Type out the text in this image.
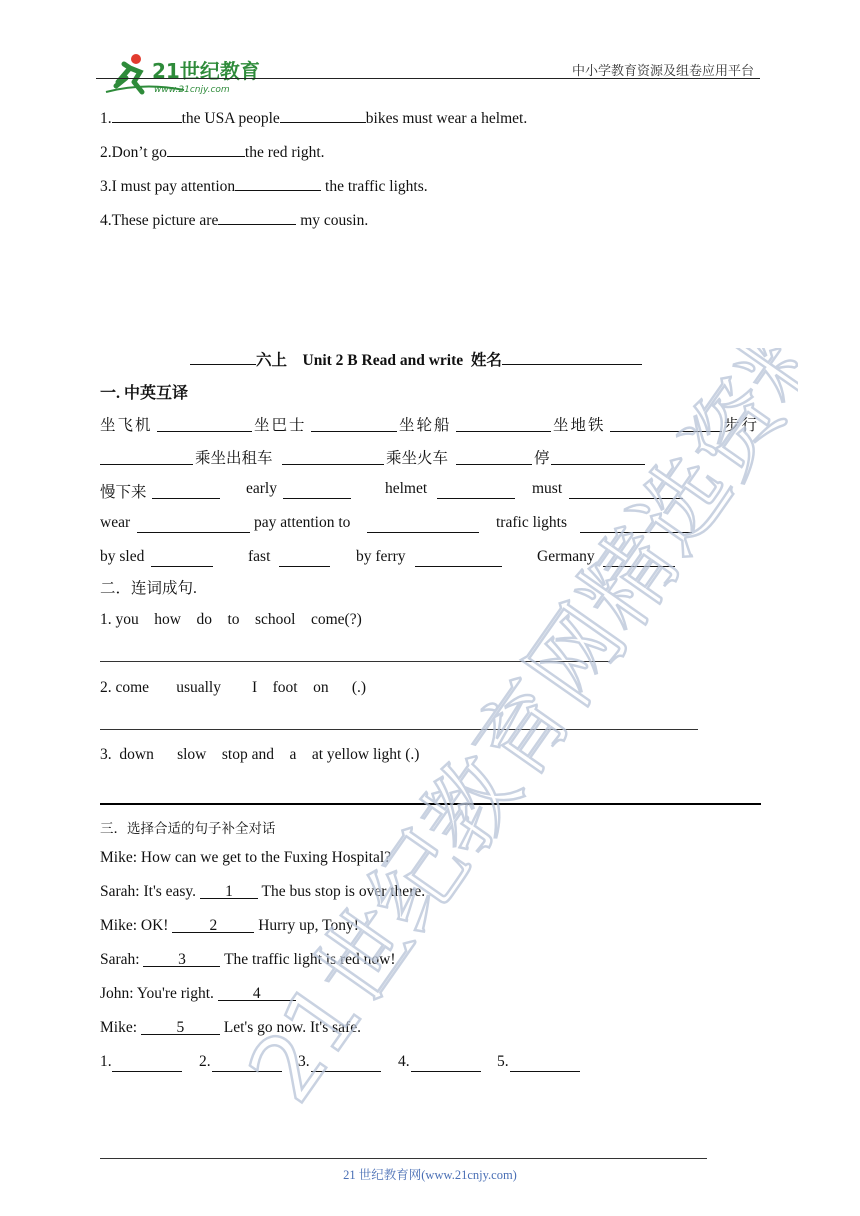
21世纪教育
www.21cnjy.com

中小学教育资源及组卷应用平台
1.	the USA people	bikes must wear a helmet.
2.Don’t go	the red right.
3.I must pay attention	the traffic lights.
4.These picture are	my cousin.
六上 Unit 2 B Read and write 姓名
一. 中英互译
坐飞机	坐巴士	坐轮船	坐地铁	步行
乘坐出租车	乘坐火车	停
慢下来	early	helmet	must
wear	pay attention to	trafic lights
by sled	fast	by ferry	Germany
二．连词成句.
1. you    how    do    to    school    come(?)
2. come       usually        I    foot    on      (.)
3.  down      slow    stop and    a    at yellow light (.)
三．选择合适的句子补全对话
Mike: How can we get to the Fuxing Hospital?
Sarah: It's easy. 1 The bus stop is over there.
Mike: OK! 2 Hurry up, Tony!
Sarah: 3 The traffic light is red now!
John: You're right. 4
Mike: 5 Let's go now. It's safe.
1.	2.	3.	4.	5.

21世纪教育网精选资料

21 世纪教育网(www.21cnjy.com)
